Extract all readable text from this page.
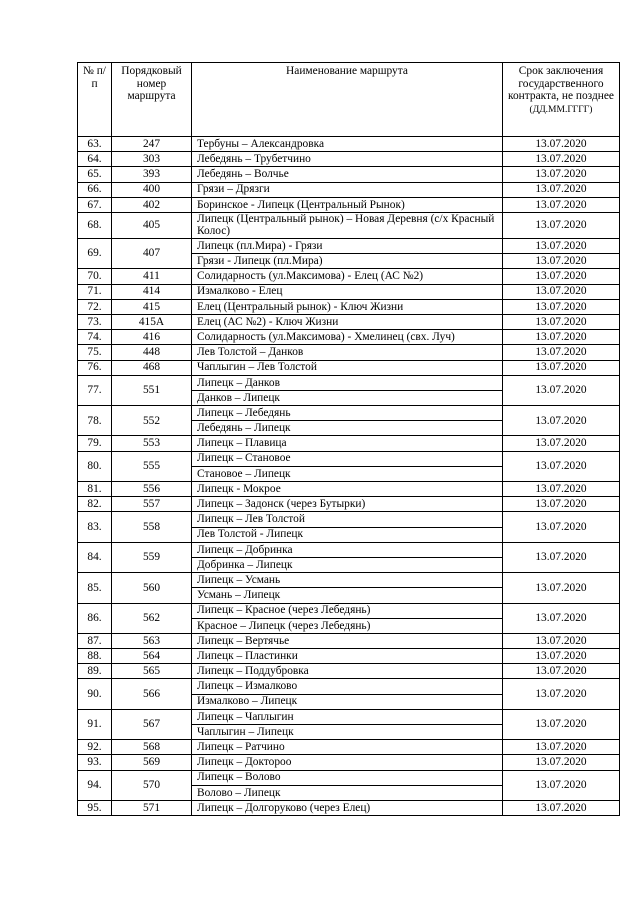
№ п/п	Порядковый номер маршрута	Наименование маршрута	Срок заключения государственного контракта, не позднее
(ДД.ММ.ГГГГ)
63.	247	Тербуны – Александровка	13.07.2020
64.	303	Лебедянь – Трубетчино	13.07.2020
65.	393	Лебедянь – Волчье	13.07.2020
66.	400	Грязи – Дрязги	13.07.2020
67.	402	Боринское - Липецк (Центральный Рынок)	13.07.2020
68.	405	Липецк (Центральный рынок) – Новая Деревня (с/х Красный Колос)	13.07.2020
69.	407	Липецк (пл.Мира) - Грязи	13.07.2020
		Грязи - Липецк (пл.Мира)	13.07.2020
70.	411	Солидарность (ул.Максимова) - Елец (АС №2)	13.07.2020
71.	414	Измалково - Елец	13.07.2020
72.	415	Елец (Центральный рынок) - Ключ Жизни	13.07.2020
73.	415А	Елец (АС №2) - Ключ Жизни	13.07.2020
74.	416	Солидарность (ул.Максимова) - Хмелинец (свх. Луч)	13.07.2020
75.	448	Лев Толстой – Данков	13.07.2020
76.	468	Чаплыгин – Лев Толстой	13.07.2020
77.	551	Липецк – Данков	13.07.2020
		Данков – Липецк	
78.	552	Липецк – Лебедянь	13.07.2020
		Лебедянь – Липецк	
79.	553	Липецк – Плавица	13.07.2020
80.	555	Липецк – Становое	13.07.2020
		Становое – Липецк	
81.	556	Липецк - Мокрое	13.07.2020
82.	557	Липецк – Задонск (через Бутырки)	13.07.2020
83.	558	Липецк – Лев Толстой	13.07.2020
		Лев Толстой - Липецк	
84.	559	Липецк – Добринка	13.07.2020
		Добринка – Липецк	
85.	560	Липецк – Усмань	13.07.2020
		Усмань – Липецк	
86.	562	Липецк – Красное (через Лебедянь)	13.07.2020
		Красное – Липецк (через Лебедянь)	
87.	563	Липецк – Вертячье	13.07.2020
88.	564	Липецк – Пластинки	13.07.2020
89.	565	Липецк – Поддубровка	13.07.2020
90.	566	Липецк – Измалково	13.07.2020
		Измалково – Липецк	
91.	567	Липецк – Чаплыгин	13.07.2020
		Чаплыгин – Липецк	
92.	568	Липецк – Ратчино	13.07.2020
93.	569	Липецк – Доктороо	13.07.2020
94.	570	Липецк – Волово	13.07.2020
		Волово – Липецк	
95.	571	Липецк – Долгоруково (через Елец)	13.07.2020
